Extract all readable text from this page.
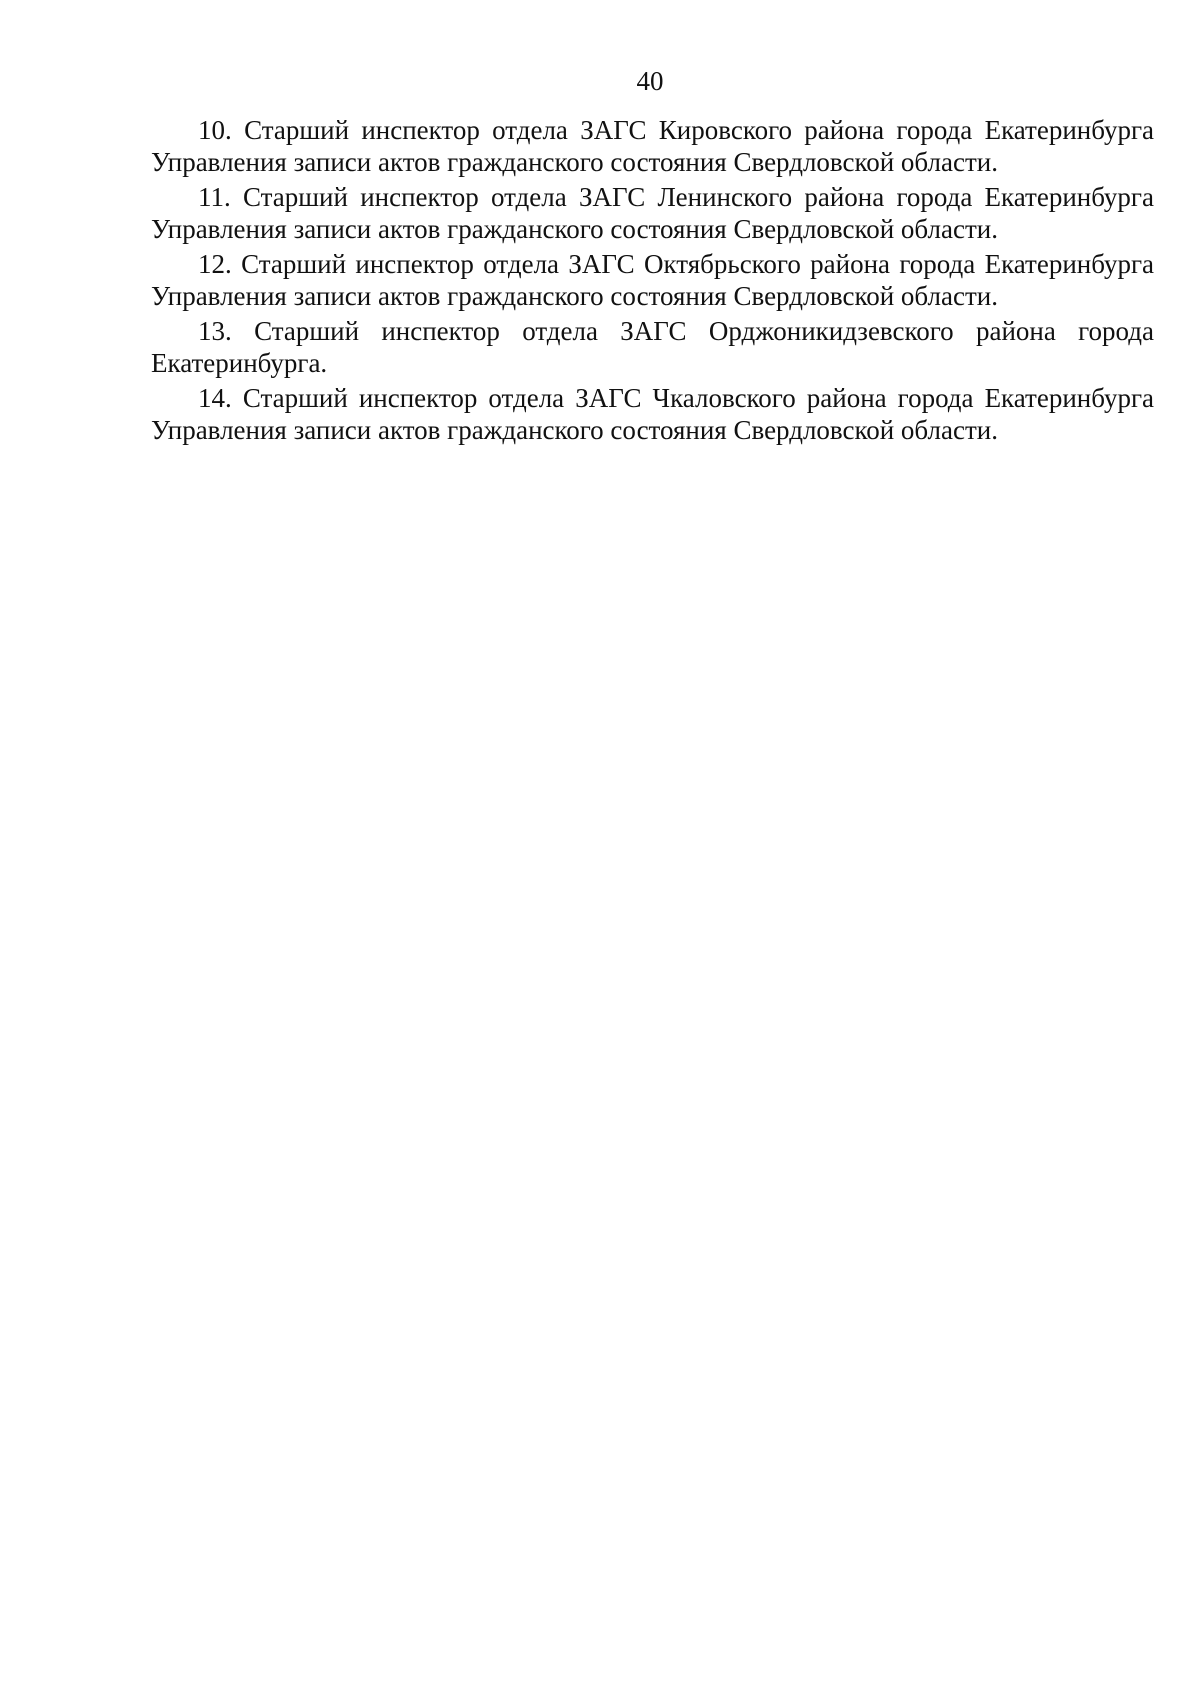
40
10. Старший инспектор отдела ЗАГС Кировского района города Екатеринбурга Управления записи актов гражданского состояния Свердловской области.
11. Старший инспектор отдела ЗАГС Ленинского района города Екатеринбурга Управления записи актов гражданского состояния Свердловской области.
12. Старший инспектор отдела ЗАГС Октябрьского района города Екатеринбурга Управления записи актов гражданского состояния Свердловской области.
13. Старший инспектор отдела ЗАГС Орджоникидзевского района города Екатеринбурга.
14. Старший инспектор отдела ЗАГС Чкаловского района города Екатеринбурга Управления записи актов гражданского состояния Свердловской области.
